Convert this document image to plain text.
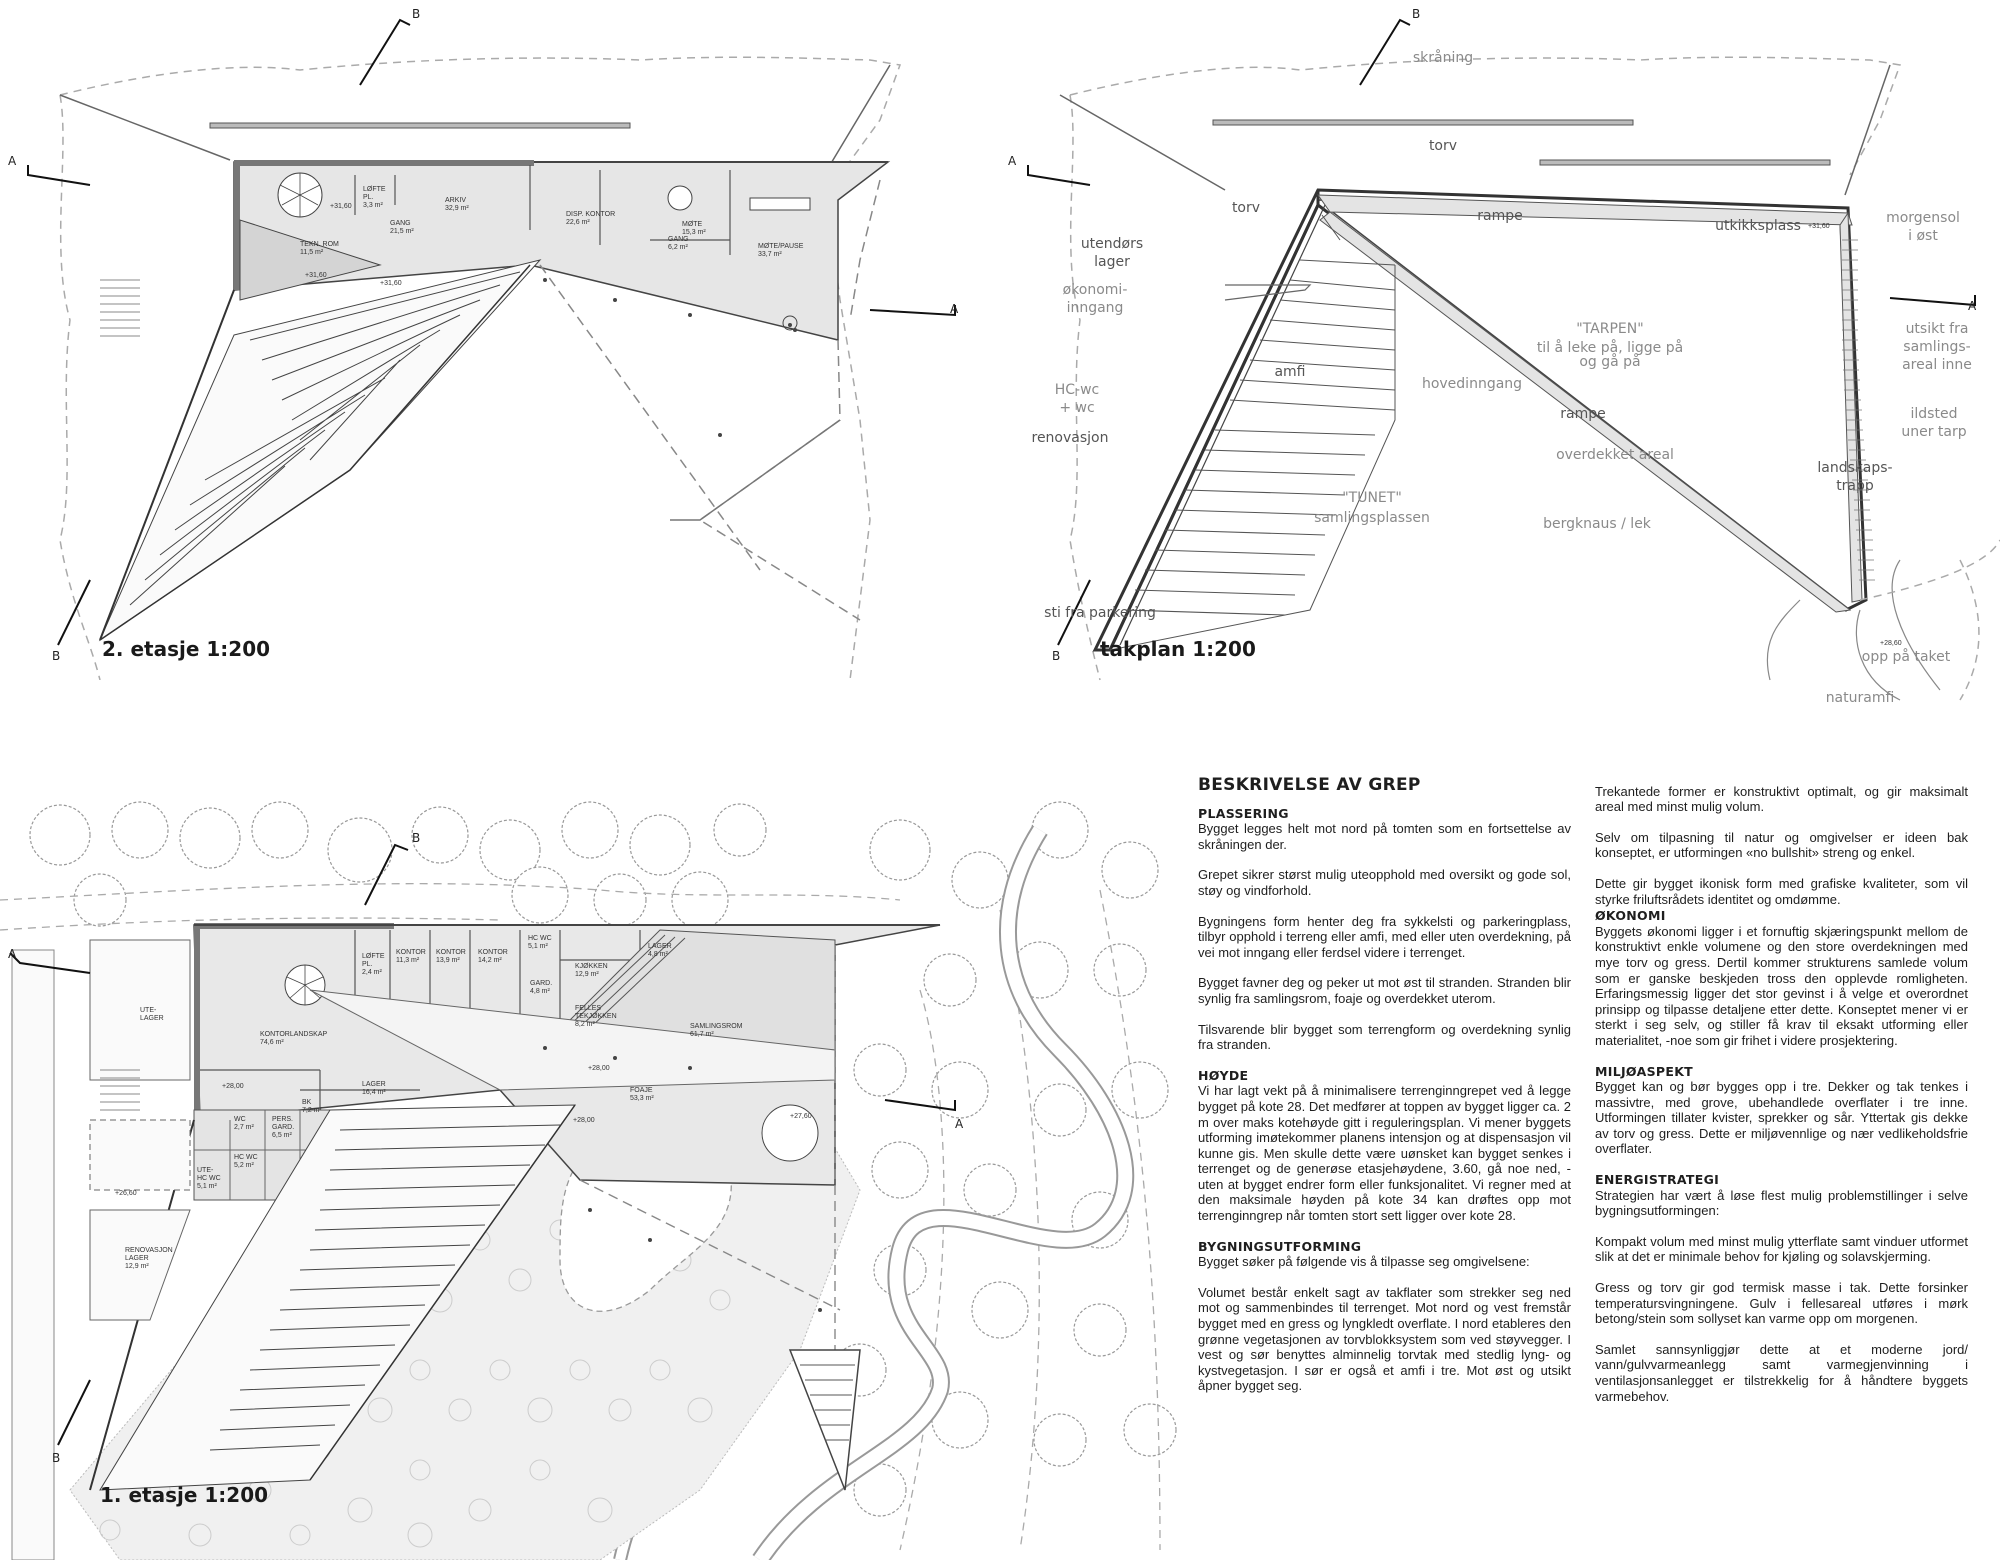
B
A
A
B
LØFTE
PL.
3,3 m²
ARKIV
32,9 m²
GANG
21,5 m²
TEKN. ROM
11,5 m²
DISP. KONTOR
22,6 m²	MØTE
15,3 m²
GANG
6,2 m²	MØTE/PAUSE
33,7 m²
+31,60
+31,60
+31,60
2. etasje 1:200
B
A
A
B
skråning
torv
torv	rampe
utkikksplass +31,60
morgensol
i øst
utendørs
lager
økonomi-
inngang
"TARPEN"
til å leke på, ligge på
og gå på
utsikt fra
samlings-
areal inne
amfi
hovedinngang
HC-wc
+ wc	rampe	ildsted
uner tarp
renovasjon
overdekket areal
landskaps-
trapp
"TUNET"
samlingsplassen	bergknaus / lek
sti fra parkering
+28,60
opp på taket
naturamfi
takplan 1:200
B
A
A
B
LØFTE
PL.
2,4 m²
KONTOR
11,3 m²
KONTOR
13,9 m²
KONTOR
14,2 m²
HC WC
5,1 m²
KJØKKEN
12,9 m²
LAGER
4,8 m²
GARD.
4,8 m²
KONTORLANDSKAP
74,6 m²
FELLES
TEKJØKKEN
8,2 m²	SAMLINGSROM
61,7 m²
LAGER
16,4 m²	FOAJE
53,3 m²
BK
7,2 m²
PERS.
GARD.
6,5 m²
WC
2,7 m²
HC WC
5,2 m²
UTE-
HC WC
5,1 m²
UTE-
LAGER
RENOVASJON
LAGER
12,9 m²
+28,00
+28,00
+28,00
+27,60
+26,60
1. etasje 1:200
BESKRIVELSE AV GREP
PLASSERING

Bygget legges helt mot nord på tomten som en fortsettelse av skråningen der.

Grepet sikrer størst mulig uteopphold med oversikt og gode sol, støy og vindforhold.

Bygningens form henter deg fra sykkelsti og parkeringplass, tilbyr opphold i terreng eller amfi, med eller uten overdekning, på vei mot inngang eller ferdsel videre i terrenget.

Bygget favner deg og peker ut mot øst til stranden. Stranden blir synlig fra samlingsrom, foaje og overdekket uterom.

Tilsvarende blir bygget som terrengform og overdekning synlig fra stranden.

HØYDE

Vi har lagt vekt på å minimalisere terrenginngrepet ved å legge bygget på kote 28. Det medfører at toppen av bygget ligger ca. 2 m over maks kotehøyde gitt i reguleringsplan. Vi mener byggets utforming imøtekommer planens intensjon og at dispensasjon vil kunne gis. Men skulle dette være uønsket kan bygget senkes i terrenget og de generøse etasjehøydene, 3.60, gå noe ned, -uten at bygget endrer form eller funksjonalitet. Vi regner med at den maksimale høyden på kote 34 kan drøftes opp mot terrenginngrep når tomten stort sett ligger over kote 28.

BYGNINGSUTFORMING

Bygget søker på følgende vis å tilpasse seg omgivelsene:

Volumet består enkelt sagt av takflater som strekker seg ned mot og sammenbindes til terrenget. Mot nord og vest fremstår bygget med en gress og lyngkledt overflate. I nord etableres den grønne vegetasjonen av torvblokksystem som ved støyvegger. I vest og sør benyttes alminnelig torvtak med stedlig lyng- og kystvegetasjon. I sør er også et amfi i tre. Mot øst og utsikt åpner bygget seg.

Trekantede former er konstruktivt optimalt, og gir maksimalt areal med minst mulig volum.

Selv om tilpasning til natur og omgivelser er ideen bak konseptet, er utformingen «no bullshit» streng og enkel.

Dette gir bygget ikonisk form med grafiske kvaliteter, som vil styrke friluftsrådets identitet og omdømme.

ØKONOMI

Byggets økonomi ligger i et fornuftig skjæringspunkt mellom de konstruktivt enkle volumene og den store overdekningen med mye torv og gress. Dertil kommer strukturens samlede volum som er ganske beskjeden tross den opplevde romligheten. Erfaringsmessig ligger det stor gevinst i å velge et overordnet prinsipp og tilpasse detaljene etter dette. Konseptet mener vi er sterkt i seg selv, og stiller få krav til eksakt utforming eller materialitet, -noe som gir frihet i videre prosjektering.

MILJØASPEKT

Bygget kan og bør bygges opp i tre. Dekker og tak tenkes i massivtre, med grove, ubehandlede overflater i tre inne. Utformingen tillater kvister, sprekker og sår. Yttertak gis dekke av torv og gress. Dette er miljøvennlige og nær vedlikeholdsfrie overflater.

ENERGISTRATEGI

Strategien har vært å løse flest mulig problemstillinger i selve bygningsutformingen:

Kompakt volum med minst mulig ytterflate samt vinduer utformet slik at det er minimale behov for kjøling og solavskjerming.

Gress og torv gir god termisk masse i tak. Dette forsinker temperatursvingningene. Gulv i fellesareal utføres i mørk betong/stein som sollyset kan varme opp om morgenen.

Samlet sannsynliggjør dette at et moderne jord/ vann/gulvvarmeanlegg samt varmegjenvinning i ventilasjonsanlegget er tilstrekkelig for å håndtere byggets varmebehov.
